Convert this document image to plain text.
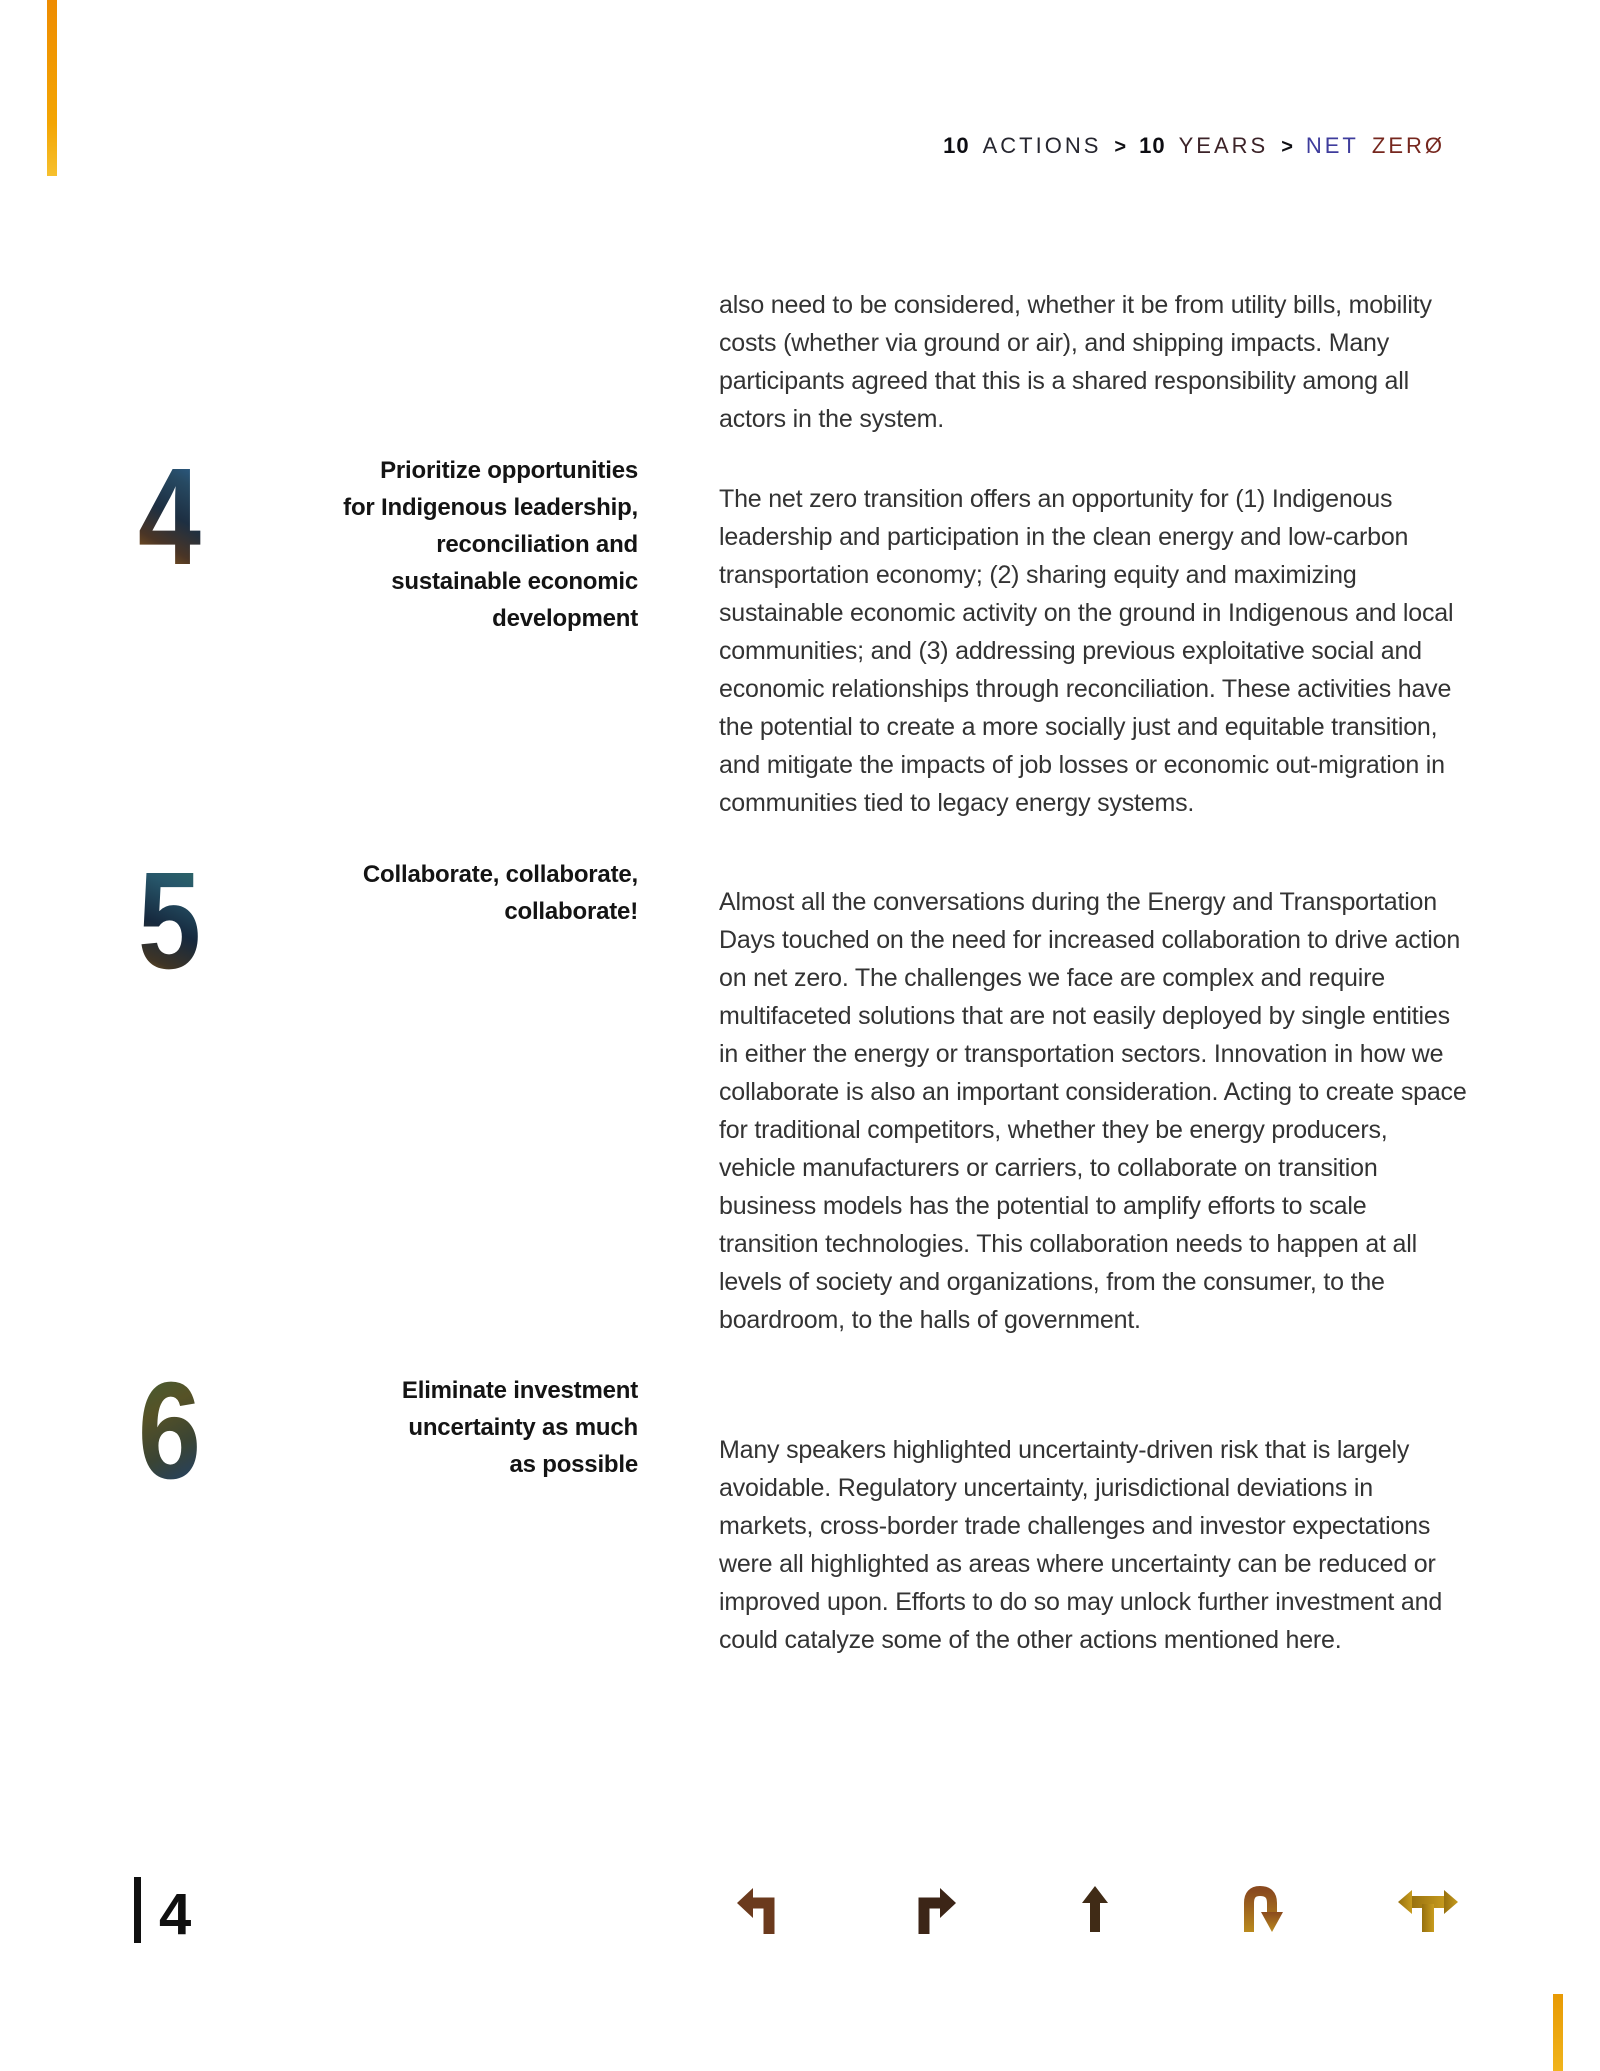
10 ACTIONS > 10 YEARS > NET ZERØ

also need to be considered, whether it be from utility bills, mobility costs (whether via ground or air), and shipping impacts. Many participants agreed that this is a shared responsibility among all actors in the system.

4	Prioritize opportunities
for Indigenous leadership,
reconciliation and
sustainable economic
development

The net zero transition offers an opportunity for (1) Indigenous leadership and participation in the clean energy and low-carbon transportation economy; (2) sharing equity and maximizing sustainable economic activity on the ground in Indigenous and local communities; and (3) addressing previous exploitative social and economic relationships through reconciliation. These activities have the potential to create a more socially just and equitable transition, and mitigate the impacts of job losses or economic out-migration in communities tied to legacy energy systems.

5	Collaborate, collaborate,
collaborate!	Almost all the conversations during the Energy and Transportation Days touched on the need for increased collaboration to drive action on net zero. The challenges we face are complex and require multifaceted solutions that are not easily deployed by single entities in either the energy or transportation sectors. Innovation in how we collaborate is also an important consideration. Acting to create space for traditional competitors, whether they be energy producers, vehicle manufacturers or carriers, to collaborate on transition business models has the potential to amplify efforts to scale transition technologies. This collaboration needs to happen at all levels of society and organizations, from the consumer, to the boardroom, to the halls of government.

6	Eliminate investment
uncertainty as much
as possible

Many speakers highlighted uncertainty-driven risk that is largely avoidable. Regulatory uncertainty, jurisdictional deviations in markets, cross-border trade challenges and investor expectations were all highlighted as areas where uncertainty can be reduced or improved upon. Efforts to do so may unlock further investment and could catalyze some of the other actions mentioned here.

4
